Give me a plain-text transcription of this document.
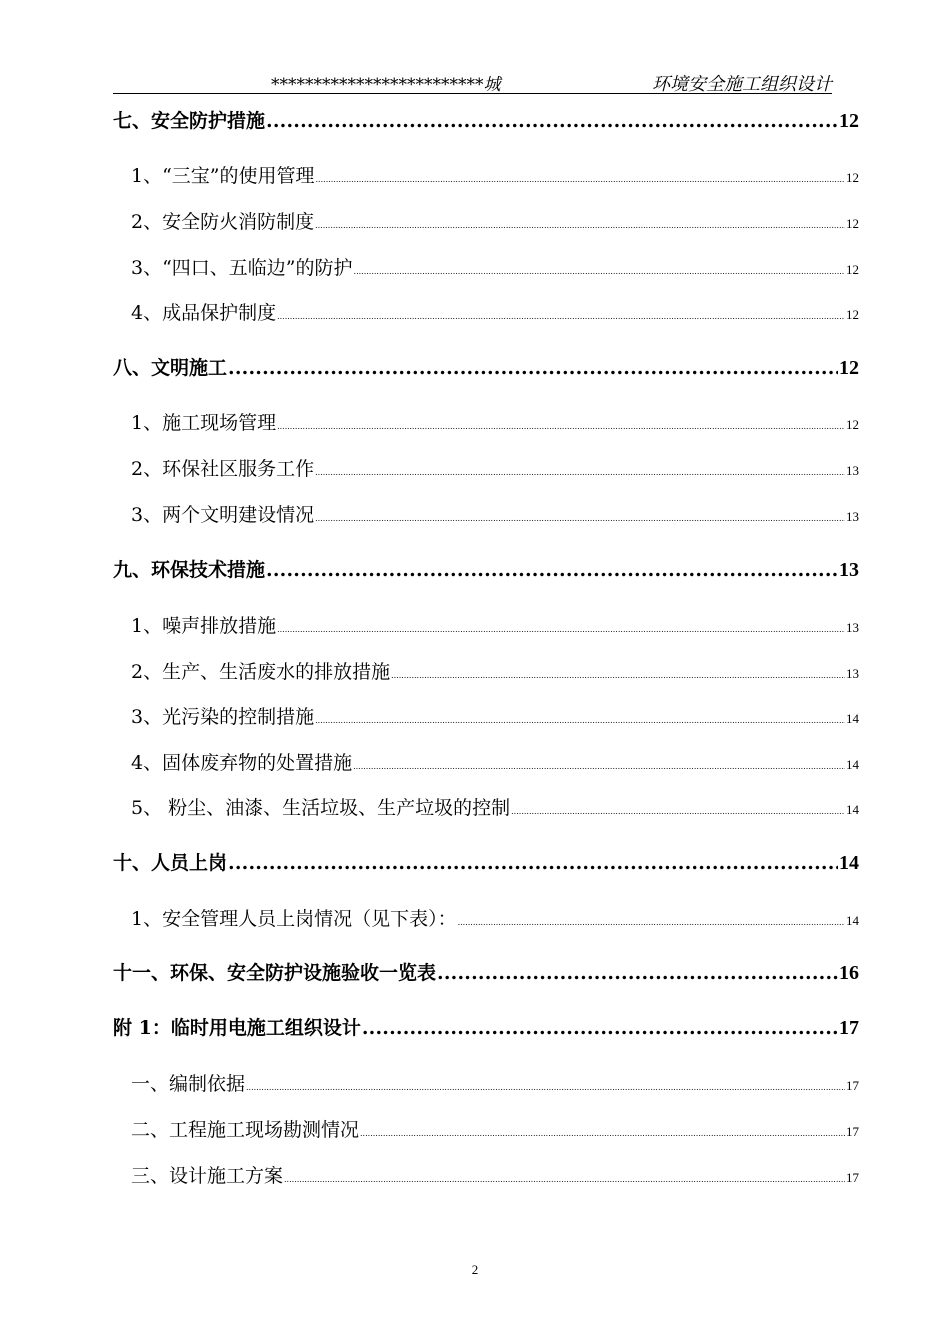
*************************城	环境安全施工组织设计
七、安全防护措施 .....	12
1、“三宝”的使用管理 .....	12
2、安全防火消防制度 .....	12
3、“四口、五临边”的防护 .....	12
4、成品保护制度 .....	12
八、文明施工 .....	12
1、施工现场管理 .....	12
2、环保社区服务工作 .....	13
3、两个文明建设情况 .....	13
九、环保技术措施 .....	13
1、噪声排放措施 .....	13
2、生产、生活废水的排放措施 .....	13
3、光污染的控制措施 .....	14
4、固体废弃物的处置措施 .....	14
5、 粉尘、油漆、生活垃圾、生产垃圾的控制 .....	14
十、人员上岗 .....	14
1、安全管理人员上岗情况（见下表）： .....	14
十一、环保、安全防护设施验收一览表 .....	16
附 1：临时用电施工组织设计 .....	17
一、编制依据 .....	17
二、工程施工现场勘测情况 .....	17
三、设计施工方案 .....	17
2
